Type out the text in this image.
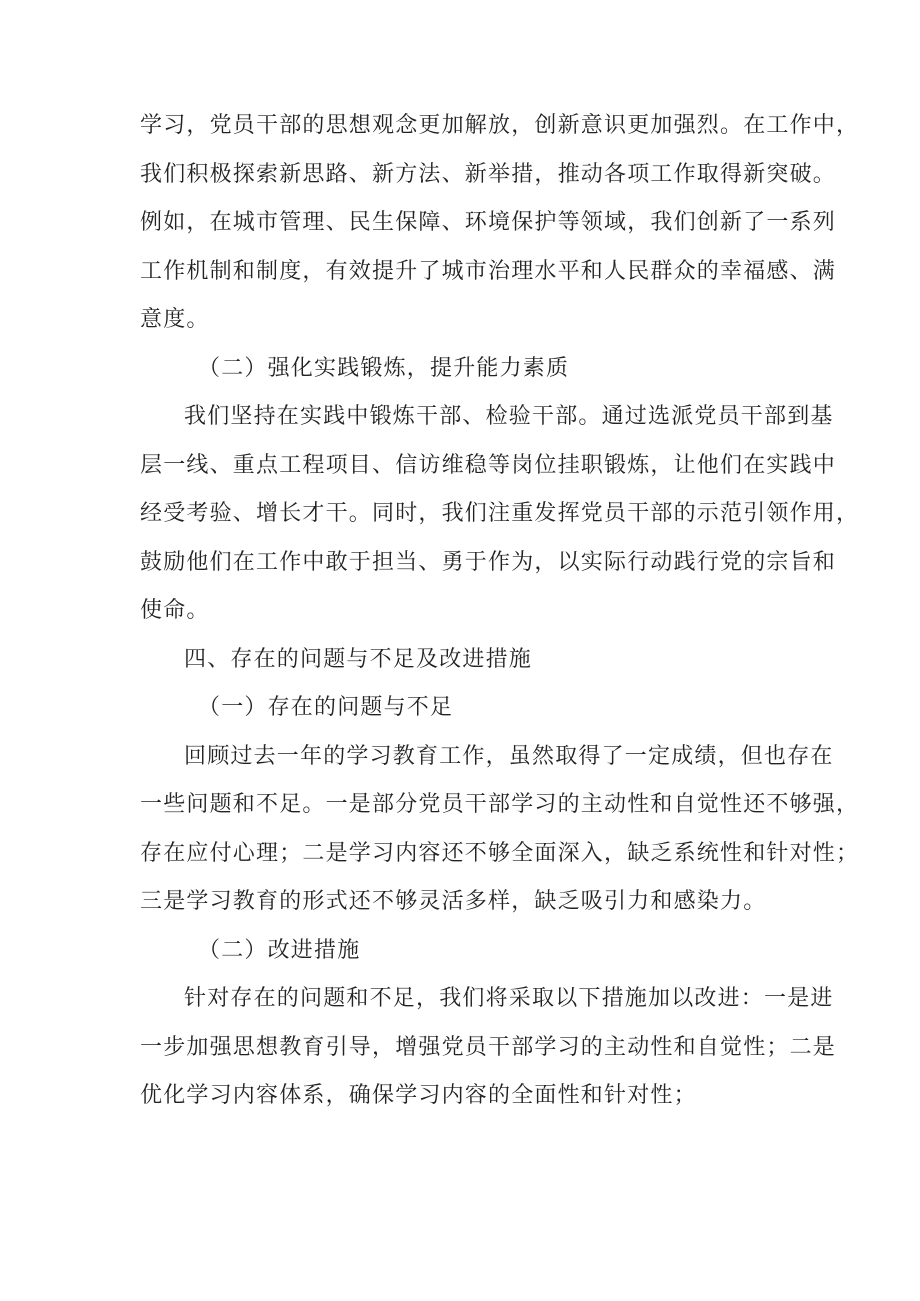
学习，党员干部的思想观念更加解放，创新意识更加强烈。在工作中，
我们积极探索新思路、新方法、新举措，推动各项工作取得新突破。
例如，在城市管理、民生保障、环境保护等领域，我们创新了一系列
工作机制和制度，有效提升了城市治理水平和人民群众的幸福感、满
意度。
（二）强化实践锻炼，提升能力素质
我们坚持在实践中锻炼干部、检验干部。通过选派党员干部到基
层一线、重点工程项目、信访维稳等岗位挂职锻炼，让他们在实践中
经受考验、增长才干。同时，我们注重发挥党员干部的示范引领作用，
鼓励他们在工作中敢于担当、勇于作为，以实际行动践行党的宗旨和
使命。
四、存在的问题与不足及改进措施
（一）存在的问题与不足
回顾过去一年的学习教育工作，虽然取得了一定成绩，但也存在
一些问题和不足。一是部分党员干部学习的主动性和自觉性还不够强，
存在应付心理；二是学习内容还不够全面深入，缺乏系统性和针对性；
三是学习教育的形式还不够灵活多样，缺乏吸引力和感染力。
（二）改进措施
针对存在的问题和不足，我们将采取以下措施加以改进：一是进
一步加强思想教育引导，增强党员干部学习的主动性和自觉性；二是
优化学习内容体系，确保学习内容的全面性和针对性；
